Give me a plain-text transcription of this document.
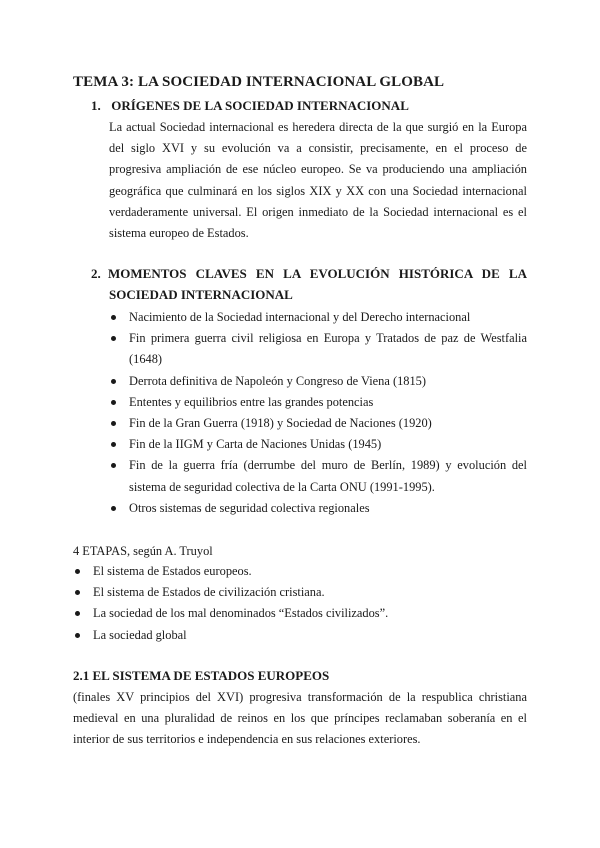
TEMA 3: LA SOCIEDAD INTERNACIONAL GLOBAL
1. ORÍGENES DE LA SOCIEDAD INTERNACIONAL

La actual Sociedad internacional es heredera directa de la que surgió en la Europa del siglo XVI y su evolución va a consistir, precisamente, en el proceso de progresiva ampliación de ese núcleo europeo. Se va produciendo una ampliación geográfica que culminará en los siglos XIX y XX con una Sociedad internacional verdaderamente universal. El origen inmediato de la Sociedad internacional es el sistema europeo de Estados.

2. MOMENTOS CLAVES EN LA EVOLUCIÓN HISTÓRICA DE LA
SOCIEDAD INTERNACIONAL
Nacimiento de la Sociedad internacional y del Derecho internacional
Fin primera guerra civil religiosa en Europa y Tratados de paz de Westfalia (1648)
Derrota definitiva de Napoleón y Congreso de Viena (1815)
Ententes y equilibrios entre las grandes potencias
Fin de la Gran Guerra (1918) y Sociedad de Naciones (1920)
Fin de la IIGM y Carta de Naciones Unidas (1945)
Fin de la guerra fría (derrumbe del muro de Berlín, 1989) y evolución del sistema de seguridad colectiva de la Carta ONU (1991-1995).
Otros sistemas de seguridad colectiva regionales

4 ETAPAS, según A. Truyol

El sistema de Estados europeos.
El sistema de Estados de civilización cristiana.
La sociedad de los mal denominados “Estados civilizados”.
La sociedad global
2.1 EL SISTEMA DE ESTADOS EUROPEOS

(finales XV principios del XVI) progresiva transformación de la respublica christiana medieval en una pluralidad de reinos en los que príncipes reclamaban soberanía en el interior de sus territorios e independencia en sus relaciones exteriores.
